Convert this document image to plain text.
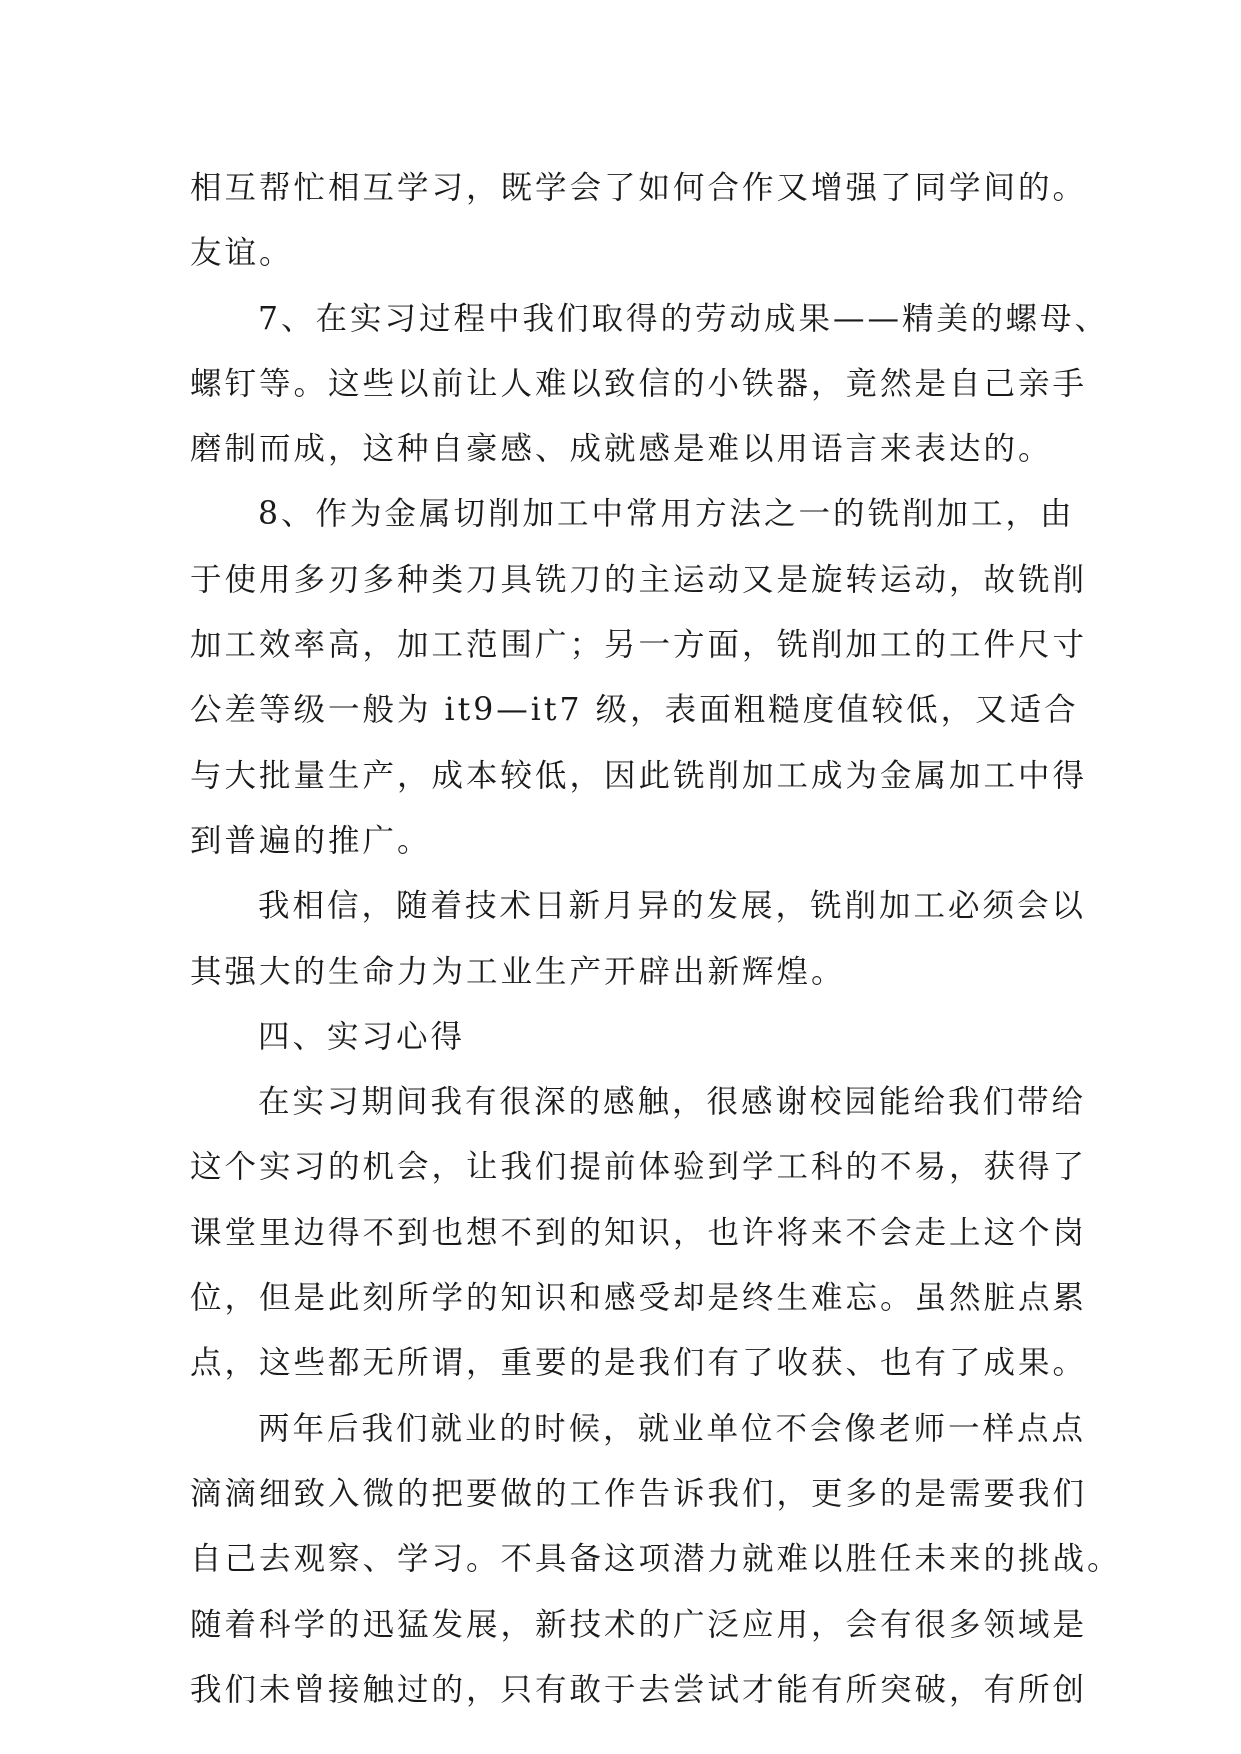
相互帮忙相互学习，既学会了如何合作又增强了同学间的。
友谊。
7、在实习过程中我们取得的劳动成果——精美的螺母、
螺钉等。这些以前让人难以致信的小铁器，竟然是自己亲手
磨制而成，这种自豪感、成就感是难以用语言来表达的。
8、作为金属切削加工中常用方法之一的铣削加工，由
于使用多刃多种类刀具铣刀的主运动又是旋转运动，故铣削
加工效率高，加工范围广；另一方面，铣削加工的工件尺寸
公差等级一般为 it9—it7 级，表面粗糙度值较低，又适合
与大批量生产，成本较低，因此铣削加工成为金属加工中得
到普遍的推广。
我相信，随着技术日新月异的发展，铣削加工必须会以
其强大的生命力为工业生产开辟出新辉煌。
四、实习心得
在实习期间我有很深的感触，很感谢校园能给我们带给
这个实习的机会，让我们提前体验到学工科的不易，获得了
课堂里边得不到也想不到的知识，也许将来不会走上这个岗
位，但是此刻所学的知识和感受却是终生难忘。虽然脏点累
点，这些都无所谓，重要的是我们有了收获、也有了成果。
两年后我们就业的时候，就业单位不会像老师一样点点
滴滴细致入微的把要做的工作告诉我们，更多的是需要我们
自己去观察、学习。不具备这项潜力就难以胜任未来的挑战。
随着科学的迅猛发展，新技术的广泛应用，会有很多领域是
我们未曾接触过的，只有敢于去尝试才能有所突破，有所创
